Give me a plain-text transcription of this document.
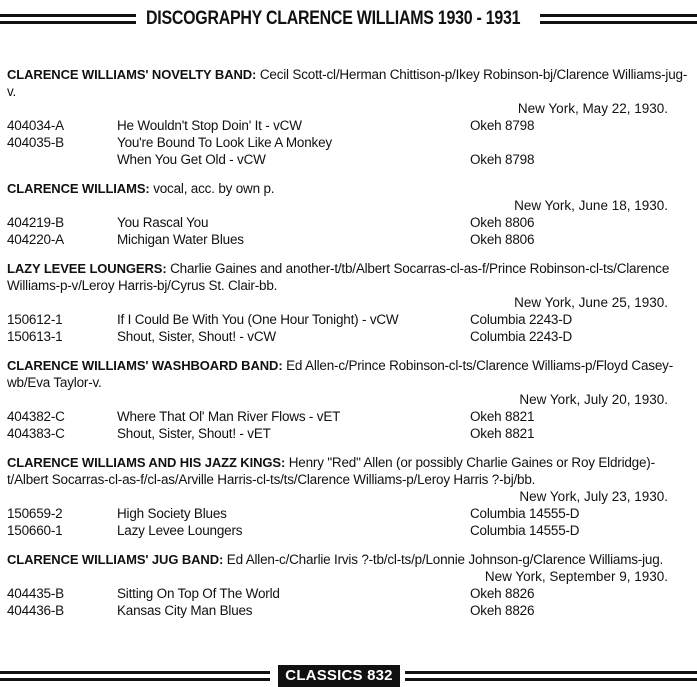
DISCOGRAPHY CLARENCE WILLIAMS 1930 - 1931
CLARENCE WILLIAMS' NOVELTY BAND: Cecil Scott-cl/Herman Chittison-p/Ikey Robinson-bj/Clarence Williams-jug-v.
New York, May 22, 1930.
404034-A	He Wouldn't Stop Doin' It - vCW	Okeh 8798
404035-B	You're Bound To Look Like A Monkey
When You Get Old - vCW	Okeh 8798
CLARENCE WILLIAMS: vocal, acc. by own p.
New York, June 18, 1930.
404219-B	You Rascal You	Okeh 8806
404220-A	Michigan Water Blues	Okeh 8806
LAZY LEVEE LOUNGERS: Charlie Gaines and another-t/tb/Albert Socarras-cl-as-f/Prince Robinson-cl-ts/Clarence Williams-p-v/Leroy Harris-bj/Cyrus St. Clair-bb.
New York, June 25, 1930.
150612-1	If I Could Be With You (One Hour Tonight) - vCW	Columbia 2243-D
150613-1	Shout, Sister, Shout! - vCW	Columbia 2243-D
CLARENCE WILLIAMS' WASHBOARD BAND: Ed Allen-c/Prince Robinson-cl-ts/Clarence Williams-p/Floyd Casey-wb/Eva Taylor-v.
New York, July 20, 1930.
404382-C	Where That Ol' Man River Flows - vET	Okeh 8821
404383-C	Shout, Sister, Shout! - vET	Okeh 8821
CLARENCE WILLIAMS AND HIS JAZZ KINGS: Henry "Red" Allen (or possibly Charlie Gaines or Roy Eldridge)-t/Albert Socarras-cl-as-f/cl-as/Arville Harris-cl-ts/ts/Clarence Williams-p/Leroy Harris ?-bj/bb.
New York, July 23, 1930.
150659-2	High Society Blues	Columbia 14555-D
150660-1	Lazy Levee Loungers	Columbia 14555-D
CLARENCE WILLIAMS' JUG BAND: Ed Allen-c/Charlie Irvis ?-tb/cl-ts/p/Lonnie Johnson-g/Clarence Williams-jug.
New York, September 9, 1930.
404435-B	Sitting On Top Of The World	Okeh 8826
404436-B	Kansas City Man Blues	Okeh 8826
CLASSICS 832
